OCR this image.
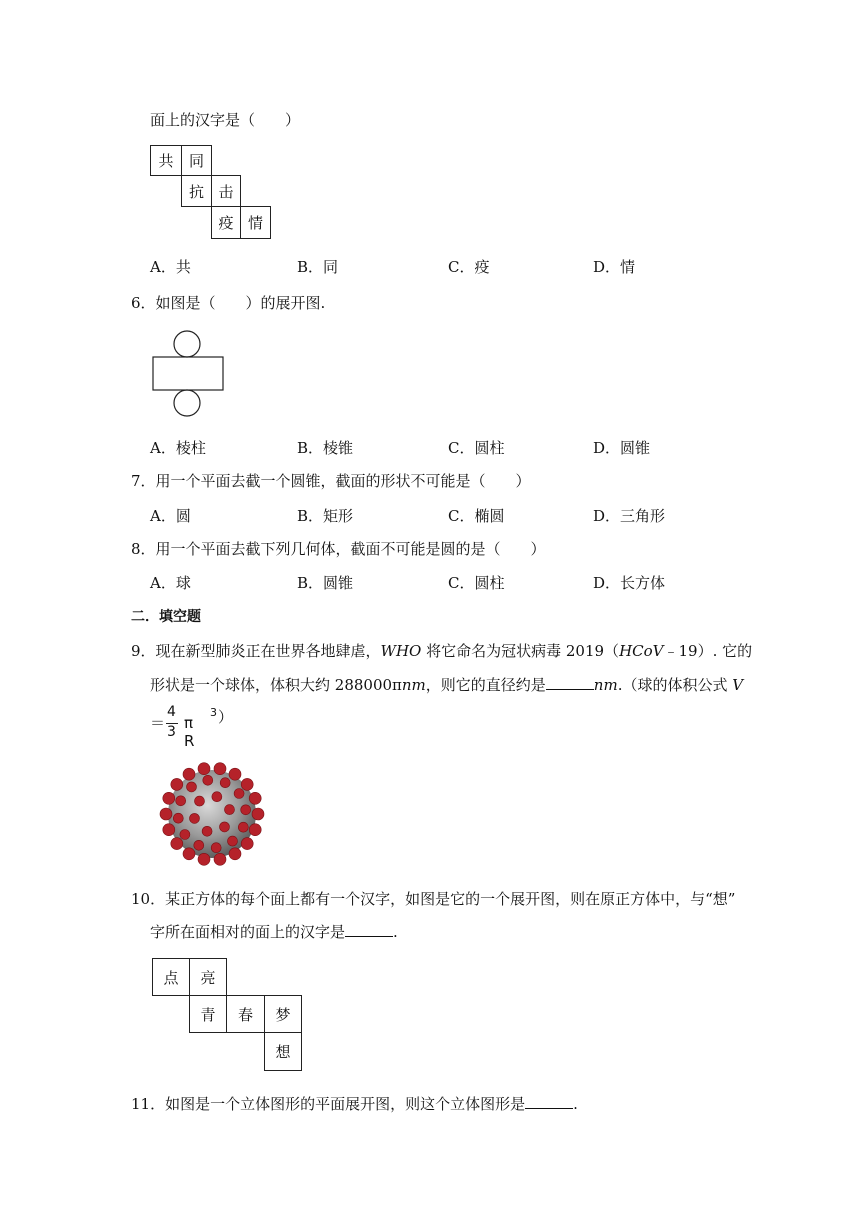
面上的汉字是（　　）
共	同
抗 击
疫 情
A．共	B．同	C．疫	D．情
6．如图是（　　）的展开图.
A．棱柱	B．棱锥	C．圆柱	D．圆锥
7．用一个平面去截一个圆锥，截面的形状不可能是（　　）
A．圆	B．矩形	C．椭圆	D．三角形
8．用一个平面去截下列几何体，截面不可能是圆的是（　　）
A．球	B．圆锥	C．圆柱	D．长方体
二．填空题
9．现在新型肺炎正在世界各地肆虐，WHO 将它命名为冠状病毒 2019（HCoV﹣19）. 它的
形状是一个球体，体积大约 288000πnm，则它的直径约是	nm.（球的体积公式 V
＝
4
3 π R
3 ）
10．某正方体的每个面上都有一个汉字，如图是它的一个展开图，则在原正方体中，与“想”
字所在面相对的面上的汉字是	.
点	亮
青	春	梦
想
11．如图是一个立体图形的平面展开图，则这个立体图形是	.
